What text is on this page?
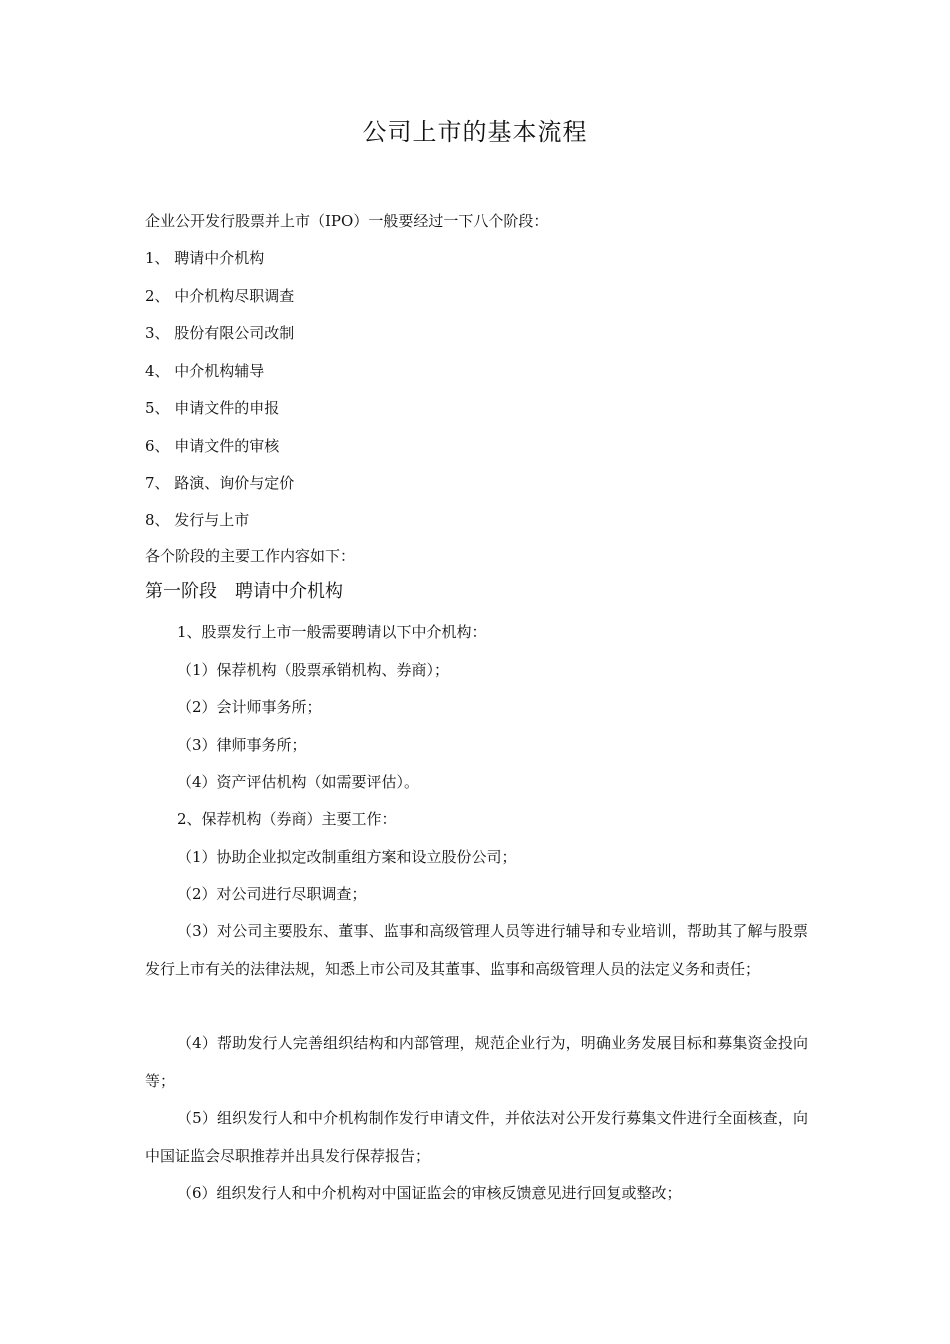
公司上市的基本流程
企业公开发行股票并上市（IPO）一般要经过一下八个阶段：
1、 聘请中介机构
2、 中介机构尽职调查
3、 股份有限公司改制
4、 中介机构辅导
5、 申请文件的申报
6、 申请文件的审核
7、 路演、询价与定价
8、 发行与上市
各个阶段的主要工作内容如下：
第一阶段　聘请中介机构
1、股票发行上市一般需要聘请以下中介机构：
（1）保荐机构（股票承销机构、券商）；
（2）会计师事务所；
（3）律师事务所；
（4）资产评估机构（如需要评估）。
2、保荐机构（券商）主要工作：
（1）协助企业拟定改制重组方案和设立股份公司；
（2）对公司进行尽职调查；
（3）对公司主要股东、董事、监事和高级管理人员等进行辅导和专业培训，帮助其了解与股票发行上市有关的法律法规，知悉上市公司及其董事、监事和高级管理人员的法定义务和责任；
（4）帮助发行人完善组织结构和内部管理，规范企业行为，明确业务发展目标和募集资金投向等；
（5）组织发行人和中介机构制作发行申请文件，并依法对公开发行募集文件进行全面核查，向中国证监会尽职推荐并出具发行保荐报告；
（6）组织发行人和中介机构对中国证监会的审核反馈意见进行回复或整改；
